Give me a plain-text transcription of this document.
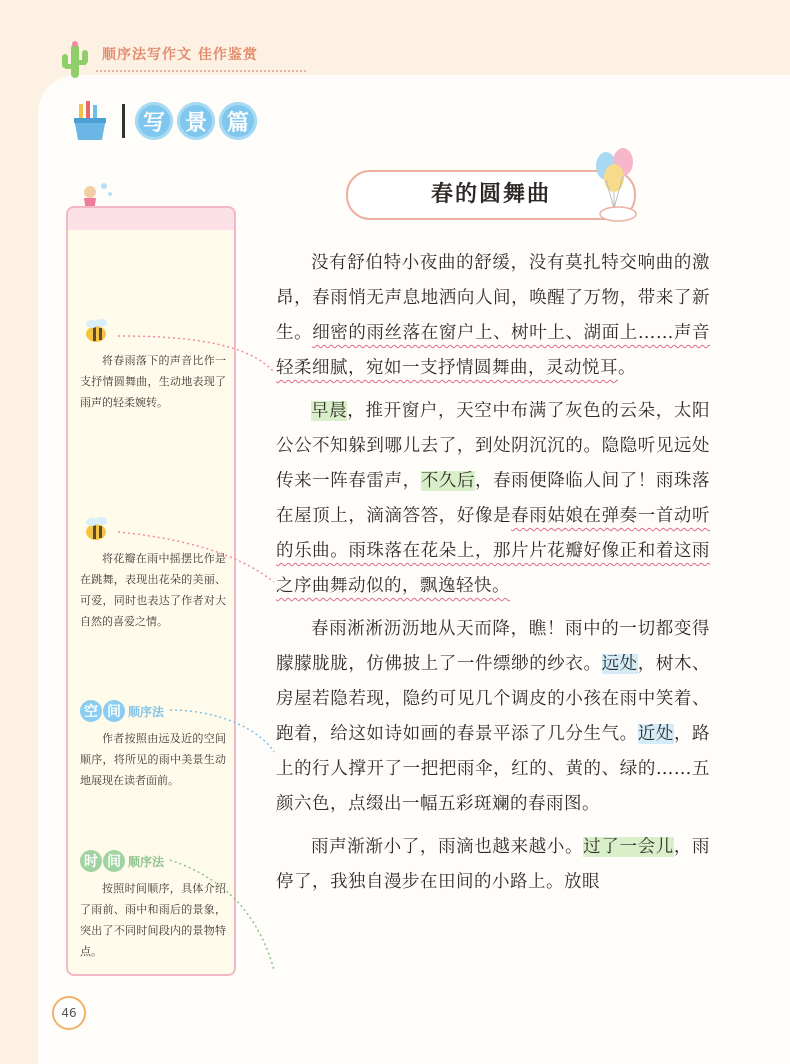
顺序法写作文 佳作鉴赏
写 景 篇
春的圆舞曲
将春雨落下的声音比作一支抒情圆舞曲，生动地表现了雨声的轻柔婉转。
将花瓣在雨中摇摆比作是在跳舞，表现出花朵的美丽、可爱，同时也表达了作者对大自然的喜爱之情。
空 间 顺序法
作者按照由远及近的空间顺序，将所见的雨中美景生动地展现在读者面前。
时 间 顺序法
按照时间顺序，具体介绍了雨前、雨中和雨后的景象，突出了不同时间段内的景物特点。

没有舒伯特小夜曲的舒缓，没有莫扎特交响曲的激昂，春雨悄无声息地洒向人间，唤醒了万物，带来了新生。细密的雨丝落在窗户上、树叶上、湖面上……声音轻柔细腻，宛如一支抒情圆舞曲，灵动悦耳。

早晨，推开窗户，天空中布满了灰色的云朵，太阳公公不知躲到哪儿去了，到处阴沉沉的。隐隐听见远处传来一阵春雷声，不久后，春雨便降临人间了！雨珠落在屋顶上，滴滴答答，好像是春雨姑娘在弹奏一首动听的乐曲。雨珠落在花朵上，那片片花瓣好像正和着这雨之序曲舞动似的，飘逸轻快。

春雨淅淅沥沥地从天而降，瞧！雨中的一切都变得朦朦胧胧，仿佛披上了一件缥缈的纱衣。远处，树木、房屋若隐若现，隐约可见几个调皮的小孩在雨中笑着、跑着，给这如诗如画的春景平添了几分生气。近处，路上的行人撑开了一把把雨伞，红的、黄的、绿的……五颜六色，点缀出一幅五彩斑斓的春雨图。

雨声渐渐小了，雨滴也越来越小。过了一会儿，雨停了，我独自漫步在田间的小路上。放眼

46
